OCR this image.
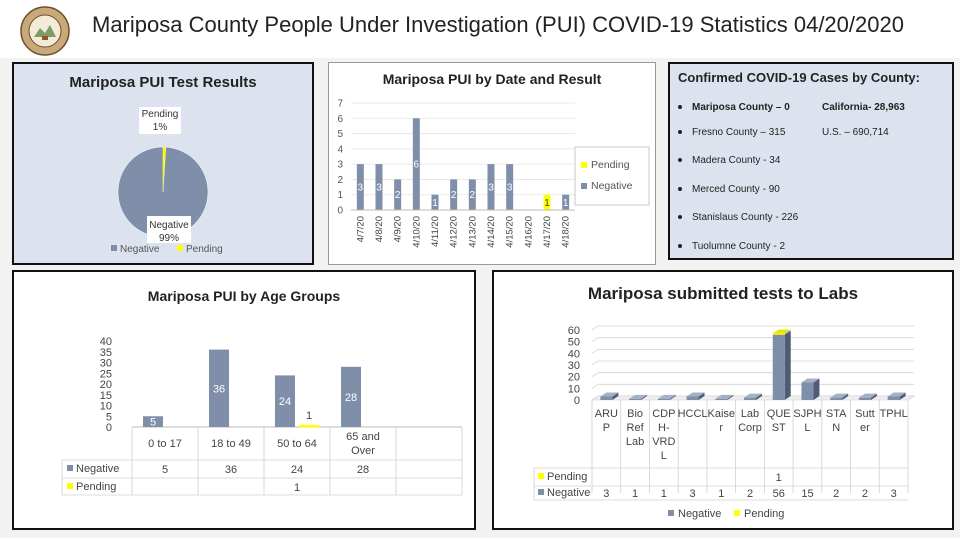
Mariposa County People Under Investigation (PUI) COVID-19 Statistics 04/20/2020
Mariposa PUI Test Results
Pending
1%
Negative
99%
Negative	Pending
Mariposa PUI by Date and Result
0
1
2
3
4
5
6
7
3
4/7/20
3
4/8/20
2
4/9/20
6
4/10/20
1
4/11/20
2
4/12/20
2
4/13/20
3
4/14/20
3
4/15/20 4/16/20
1
4/17/20
1
4/18/20
Pending
Negative
Confirmed COVID-19 Cases by County:
Mariposa County – 0
Fresno County – 315
Madera County - 34
Merced County - 90
Stanislaus County - 226
Tuolumne County - 2
California- 28,963
U.S. – 690,714
Mariposa PUI by Age Groups
0
5
10
15
20
25
30
35
40
5
0 to 17
5
36
18 to 49
36
24
1
50 to 64
24
1
28
65 and
Over
28
Negative
Pending
Mariposa submitted tests to Labs
0
10
20
30
40
50
60
ARU
P
3
Bio
Ref
Lab
1
CDP
H-
VRD
L
1
HCCL
3
Kaise
r
1
Lab
Corp
2
QUE
ST
56
1
SJPH
L
15
STA
N
2
Sutt
er
2
TPHL
3
Pending
Negative
Negative Pending
